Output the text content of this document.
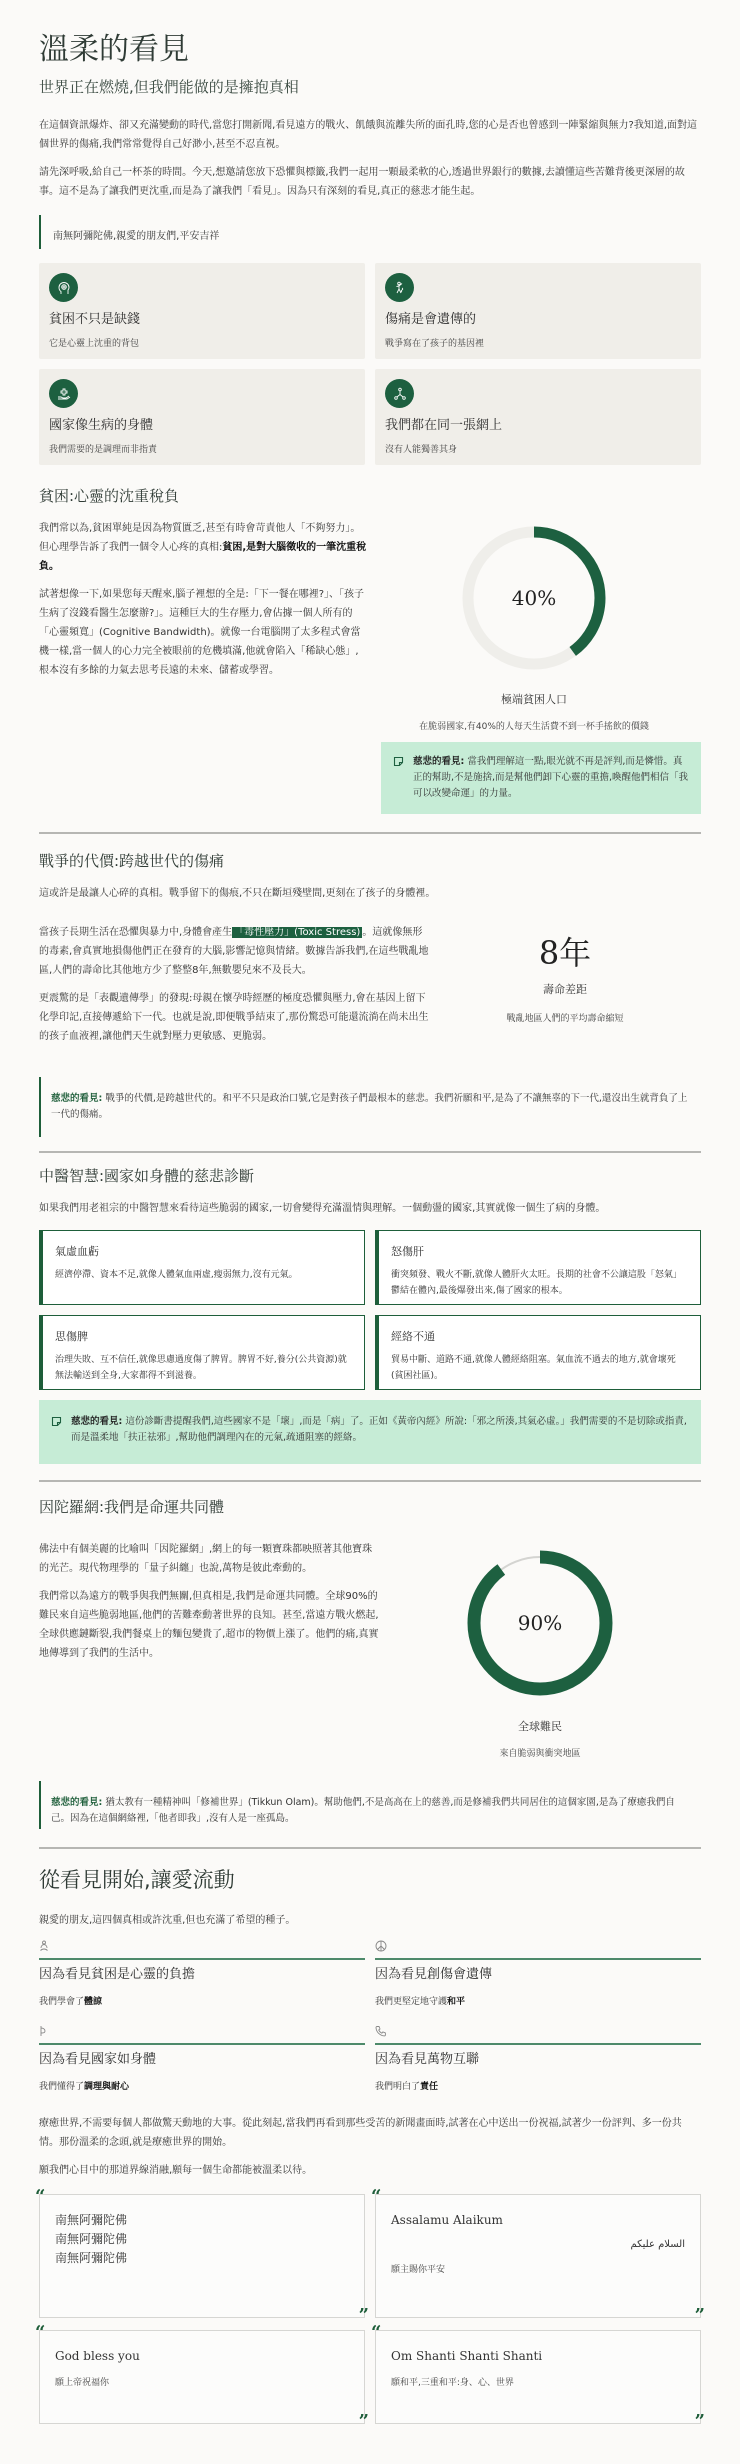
溫柔的看見
世界正在燃燒,但我們能做的是擁抱真相

在這個資訊爆炸、卻又充滿變動的時代,當您打開新聞,看見遠方的戰火、飢餓與流離失所的面孔時,您的心是否也曾感到一陣緊縮與無力?我知道,面對這個世界的傷痛,我們常常覺得自己好渺小,甚至不忍直視。

請先深呼吸,給自己一杯茶的時間。今天,想邀請您放下恐懼與標籤,我們一起用一顆最柔軟的心,透過世界銀行的數據,去讀懂這些苦難背後更深層的故事。這不是為了讓我們更沈重,而是為了讓我們「看見」。因為只有深刻的看見,真正的慈悲才能生起。

南無阿彌陀佛,親愛的朋友們,平安吉祥
貧困不只是缺錢
它是心靈上沈重的背包
傷痛是會遺傳的
戰爭寫在了孩子的基因裡
國家像生病的身體
我們需要的是調理而非指責
我們都在同一張網上
沒有人能獨善其身
貧困:心靈的沈重稅負

我們常以為,貧困單純是因為物質匱乏,甚至有時會苛責他人「不夠努力」。但心理學告訴了我們一個令人心疼的真相:貧困,是對大腦徵收的一筆沈重稅負。

試著想像一下,如果您每天醒來,腦子裡想的全是:「下一餐在哪裡?」、「孩子生病了沒錢看醫生怎麼辦?」。這種巨大的生存壓力,會佔據一個人所有的「心靈頻寬」(Cognitive Bandwidth)。就像一台電腦開了太多程式會當機一樣,當一個人的心力完全被眼前的危機填滿,他就會陷入「稀缺心態」,根本沒有多餘的力氣去思考長遠的未來、儲蓄或學習。

40%
極端貧困人口
在脆弱國家,有40%的人每天生活費不到一杯手搖飲的價錢
慈悲的看見: 當我們理解這一點,眼光就不再是評判,而是憐惜。真正的幫助,不是施捨,而是幫他們卸下心靈的重擔,喚醒他們相信「我可以改變命運」的力量。
戰爭的代價:跨越世代的傷痛

這或許是最讓人心碎的真相。戰爭留下的傷痕,不只在斷垣殘壁間,更刻在了孩子的身體裡。

當孩子長期生活在恐懼與暴力中,身體會產生 「毒性壓力」(Toxic Stress) 。這就像無形的毒素,會真實地損傷他們正在發育的大腦,影響記憶與情緒。數據告訴我們,在這些戰亂地區,人們的壽命比其他地方少了整整8年,無數嬰兒來不及長大。

更震驚的是「表觀遺傳學」的發現:母親在懷孕時經歷的極度恐懼與壓力,會在基因上留下化學印記,直接傳遞給下一代。也就是說,即便戰爭結束了,那份驚恐可能還流淌在尚未出生的孩子血液裡,讓他們天生就對壓力更敏感、更脆弱。

8年
壽命差距
戰亂地區人們的平均壽命縮短
慈悲的看見: 戰爭的代價,是跨越世代的。和平不只是政治口號,它是對孩子們最根本的慈悲。我們祈願和平,是為了不讓無辜的下一代,還沒出生就背負了上一代的傷痛。
中醫智慧:國家如身體的慈悲診斷

如果我們用老祖宗的中醫智慧來看待這些脆弱的國家,一切會變得充滿溫情與理解。一個動盪的國家,其實就像一個生了病的身體。

氣虛血虧

經濟停滯、資本不足,就像人體氣血兩虛,瘦弱無力,沒有元氣。

怒傷肝

衝突頻發、戰火不斷,就像人體肝火太旺。長期的社會不公讓這股「怒氣」鬱結在體內,最後爆發出來,傷了國家的根本。

思傷脾

治理失敗、互不信任,就像思慮過度傷了脾胃。脾胃不好,養分(公共資源)就無法輸送到全身,大家都得不到滋養。

經絡不通

貿易中斷、道路不通,就像人體經絡阻塞。氣血流不過去的地方,就會壞死(貧困社區)。

慈悲的看見: 這份診斷書提醒我們,這些國家不是「壞」,而是「病」了。正如《黃帝內經》所說:「邪之所湊,其氣必虛。」我們需要的不是切除或指責,而是溫柔地「扶正祛邪」,幫助他們調理內在的元氣,疏通阻塞的經絡。
因陀羅網:我們是命運共同體

佛法中有個美麗的比喻叫「因陀羅網」,網上的每一顆寶珠都映照著其他寶珠的光芒。現代物理學的「量子糾纏」也說,萬物是彼此牽動的。

我們常以為遠方的戰爭與我們無關,但真相是,我們是命運共同體。全球90%的難民來自這些脆弱地區,他們的苦難牽動著世界的良知。甚至,當遠方戰火燃起,全球供應鏈斷裂,我們餐桌上的麵包變貴了,超市的物價上漲了。他們的痛,真實地傳導到了我們的生活中。

90%
全球難民
來自脆弱與衝突地區
慈悲的看見: 猶太教有一種精神叫「修補世界」(Tikkun Olam)。幫助他們,不是高高在上的慈善,而是修補我們共同居住的這個家園,是為了療癒我們自己。因為在這個網絡裡,「他者即我」,沒有人是一座孤島。
從看見開始,讓愛流動

親愛的朋友,這四個真相或許沈重,但也充滿了希望的種子。

因為看見貧困是心靈的負擔

我們學會了體諒

因為看見創傷會遺傳

我們更堅定地守護和平

因為看見國家如身體

我們懂得了調理與耐心

因為看見萬物互聯

我們明白了責任

療癒世界,不需要每個人都做驚天動地的大事。從此刻起,當我們再看到那些受苦的新聞畫面時,試著在心中送出一份祝福,試著少一份評判、多一份共情。那份溫柔的念頭,就是療癒世界的開始。

願我們心目中的那道界線消融,願每一個生命都能被溫柔以待。

“
南無阿彌陀佛
南無阿彌陀佛
南無阿彌陀佛
”
“
Assalamu Alaikum
السلام عليكم
願主賜你平安
”
“
God bless you
願上帝祝福你
”
“
Om Shanti Shanti Shanti
願和平,三重和平:身、心、世界
”
